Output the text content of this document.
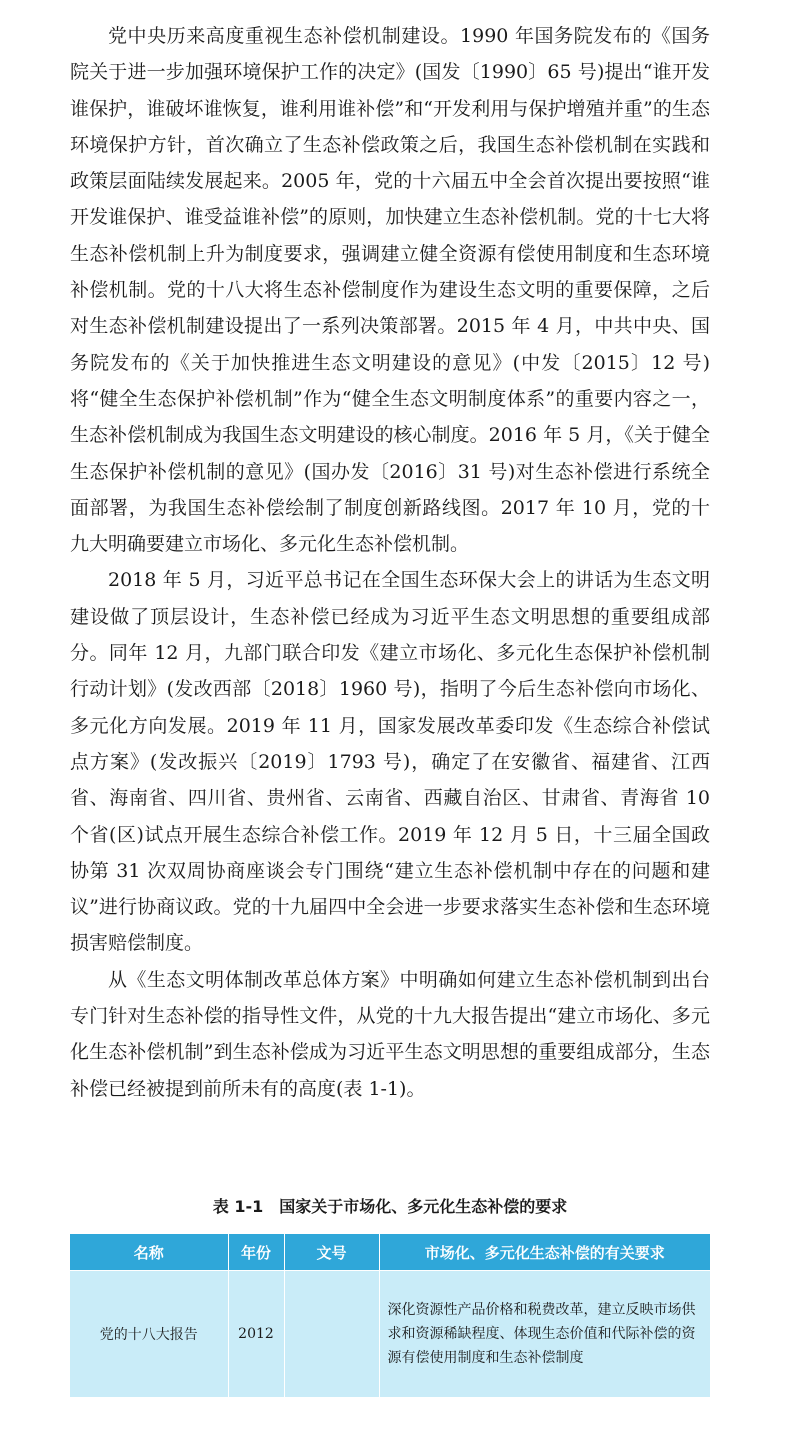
党中央历来高度重视生态补偿机制建设。1990 年国务院发布的《国务院关于进一步加强环境保护工作的决定》(国发〔1990〕65 号)提出“谁开发谁保护，谁破坏谁恢复，谁利用谁补偿”和“开发利用与保护增殖并重”的生态环境保护方针，首次确立了生态补偿政策之后，我国生态补偿机制在实践和政策层面陆续发展起来。2005 年，党的十六届五中全会首次提出要按照“谁开发谁保护、谁受益谁补偿”的原则，加快建立生态补偿机制。党的十七大将生态补偿机制上升为制度要求，强调建立健全资源有偿使用制度和生态环境补偿机制。党的十八大将生态补偿制度作为建设生态文明的重要保障，之后对生态补偿机制建设提出了一系列决策部署。2015 年 4 月，中共中央、国务院发布的《关于加快推进生态文明建设的意见》(中发〔2015〕12 号)将“健全生态保护补偿机制”作为“健全生态文明制度体系”的重要内容之一，生态补偿机制成为我国生态文明建设的核心制度。2016 年 5 月，《关于健全生态保护补偿机制的意见》(国办发〔2016〕31 号)对生态补偿进行系统全面部署，为我国生态补偿绘制了制度创新路线图。2017 年 10 月，党的十九大明确要建立市场化、多元化生态补偿机制。

2018 年 5 月，习近平总书记在全国生态环保大会上的讲话为生态文明建设做了顶层设计，生态补偿已经成为习近平生态文明思想的重要组成部分。同年 12 月，九部门联合印发《建立市场化、多元化生态保护补偿机制行动计划》(发改西部〔2018〕1960 号)，指明了今后生态补偿向市场化、多元化方向发展。2019 年 11 月，国家发展改革委印发《生态综合补偿试点方案》(发改振兴〔2019〕1793 号)，确定了在安徽省、福建省、江西省、海南省、四川省、贵州省、云南省、西藏自治区、甘肃省、青海省 10 个省(区)试点开展生态综合补偿工作。2019 年 12 月 5 日，十三届全国政协第 31 次双周协商座谈会专门围绕“建立生态补偿机制中存在的问题和建议”进行协商议政。党的十九届四中全会进一步要求落实生态补偿和生态环境损害赔偿制度。

从《生态文明体制改革总体方案》中明确如何建立生态补偿机制到出台专门针对生态补偿的指导性文件，从党的十九大报告提出“建立市场化、多元化生态补偿机制”到生态补偿成为习近平生态文明思想的重要组成部分，生态补偿已经被提到前所未有的高度(表 1-1)。

表 1-1　国家关于市场化、多元化生态补偿的要求
名称	年份	文号	市场化、多元化生态补偿的有关要求
党的十八大报告	2012		深化资源性产品价格和税费改革，建立反映市场供求和资源稀缺程度、体现生态价值和代际补偿的资源有偿使用制度和生态补偿制度
